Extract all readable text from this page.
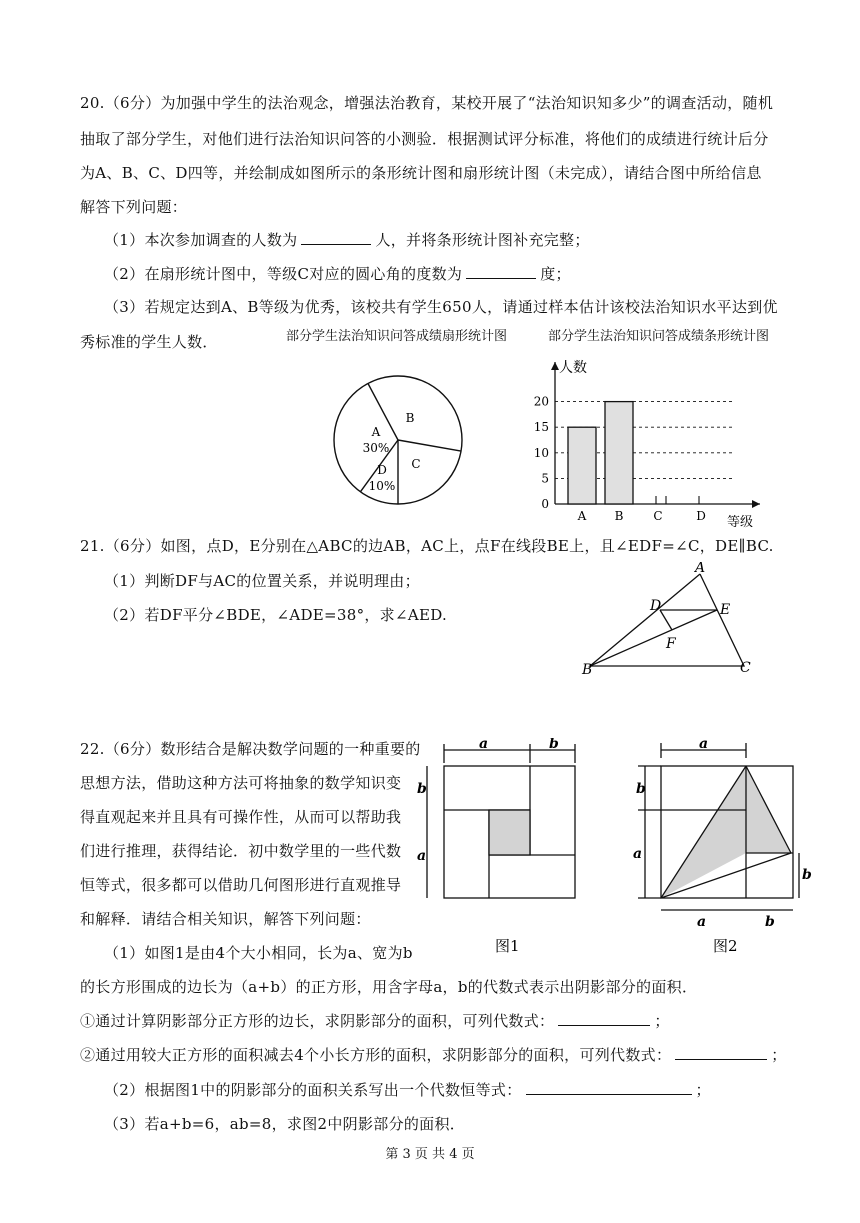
20.（6分）为加强中学生的法治观念，增强法治教育，某校开展了“法治知识知多少”的调查活动，随机
抽取了部分学生，对他们进行法治知识问答的小测验．根据测试评分标准，将他们的成绩进行统计后分
为A、B、C、D四等，并绘制成如图所示的条形统计图和扇形统计图（未完成），请结合图中所给信息
解答下列问题：
（1）本次参加调查的人数为	人，并将条形统计图补充完整；
（2）在扇形统计图中，等级C对应的圆心角的度数为	度；
（3）若规定达到A、B等级为优秀，该校共有学生650人，请通过样本估计该校法治知识水平达到优
秀标准的学生人数．	部分学生法治知识问答成绩扇形统计图	部分学生法治知识问答成绩条形统计图
A
30%
B
C
D
10%
人数
等级
0
5
10
15
20
A B C	D
21.（6分）如图，点D，E分别在△ABC的边AB，AC上，点F在线段BE上，且∠EDF=∠C，DE∥BC.
（1）判断DF与AC的位置关系，并说明理由；
（2）若DF平分∠BDE，∠ADE=38°，求∠AED.
A
D	E
F
B	C
22.（6分）数形结合是解决数学问题的一种重要的
思想方法，借助这种方法可将抽象的数学知识变
得直观起来并且具有可操作性，从而可以帮助我
们进行推理，获得结论．初中数学里的一些代数
恒等式，很多都可以借助几何图形进行直观推导
和解释．请结合相关知识，解答下列问题：
（1）如图1是由4个大小相同，长为a、宽为b
的长方形围成的边长为（a+b）的正方形，用含字母a，b的代数式表示出阴影部分的面积．
①通过计算阴影部分正方形的边长，求阴影部分的面积，可列代数式：	；
②通过用较大正方形的面积减去4个小长方形的面积，求阴影部分的面积，可列代数式：	；
（2）根据图1中的阴影部分的面积关系写出一个代数恒等式：	；
（3）若a+b=6，ab=8，求图2中阴影部分的面积．
a	b
b
a
图1
a
b
a
b
a	b
图2
第 3 页 共 4 页
